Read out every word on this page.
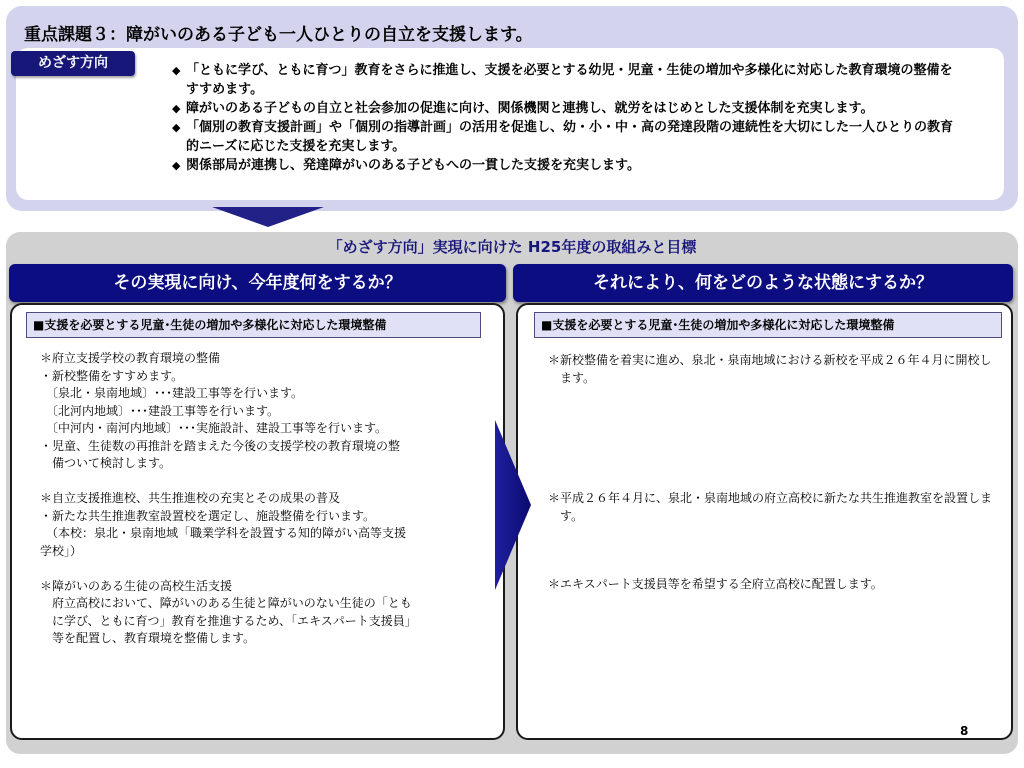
重点課題３：障がいのある子ども一人ひとりの自立を支援します。
めざす方向
◆	「ともに学び、ともに育つ」教育をさらに推進し、支援を必要とする幼児・児童・生徒の増加や多様化に対応した教育環境の整備をすすめます。
◆ 障がいのある子どもの自立と社会参加の促進に向け、関係機関と連携し、就労をはじめとした支援体制を充実します。
◆ 「個別の教育支援計画」や「個別の指導計画」の活用を促進し、幼・小・中・高の発達段階の連続性を大切にした一人ひとりの教育的ニーズに応じた支援を充実します。
◆ 関係部局が連携し、発達障がいのある子どもへの一貫した支援を充実します。
「めざす方向」実現に向けた H25年度の取組みと目標
その実現に向け、今年度何をするか？	それにより、何をどのような状態にするか？
■支援を必要とする児童･生徒の増加や多様化に対応した環境整備	■支援を必要とする児童･生徒の増加や多様化に対応した環境整備
＊府立支援学校の教育環境の整備
・新校整備をすすめます。
　〔泉北・泉南地域〕･･･建設工事等を行います。
　〔北河内地域〕･･･建設工事等を行います。
　〔中河内・南河内地域〕･･･実施設計、建設工事等を行います。
・児童、生徒数の再推計を踏まえた今後の支援学校の教育環境の整
　備ついて検討します。
＊自立支援推進校、共生推進校の充実とその成果の普及
・新たな共生推進教室設置校を選定し、施設整備を行います。
　（本校：泉北・泉南地域「職業学科を設置する知的障がい高等支援
学校」）
＊障がいのある生徒の高校生活支援
　府立高校において、障がいのある生徒と障がいのない生徒の「とも
　に学び、ともに育つ」教育を推進するため、「エキスパート支援員」
　等を配置し、教育環境を整備します。
＊新校整備を着実に進め、泉北・泉南地域における新校を平成２６年４月に開校します。
＊平成２６年４月に、泉北・泉南地域の府立高校に新たな共生推進教室を設置します。
＊エキスパート支援員等を希望する全府立高校に配置します。
8
